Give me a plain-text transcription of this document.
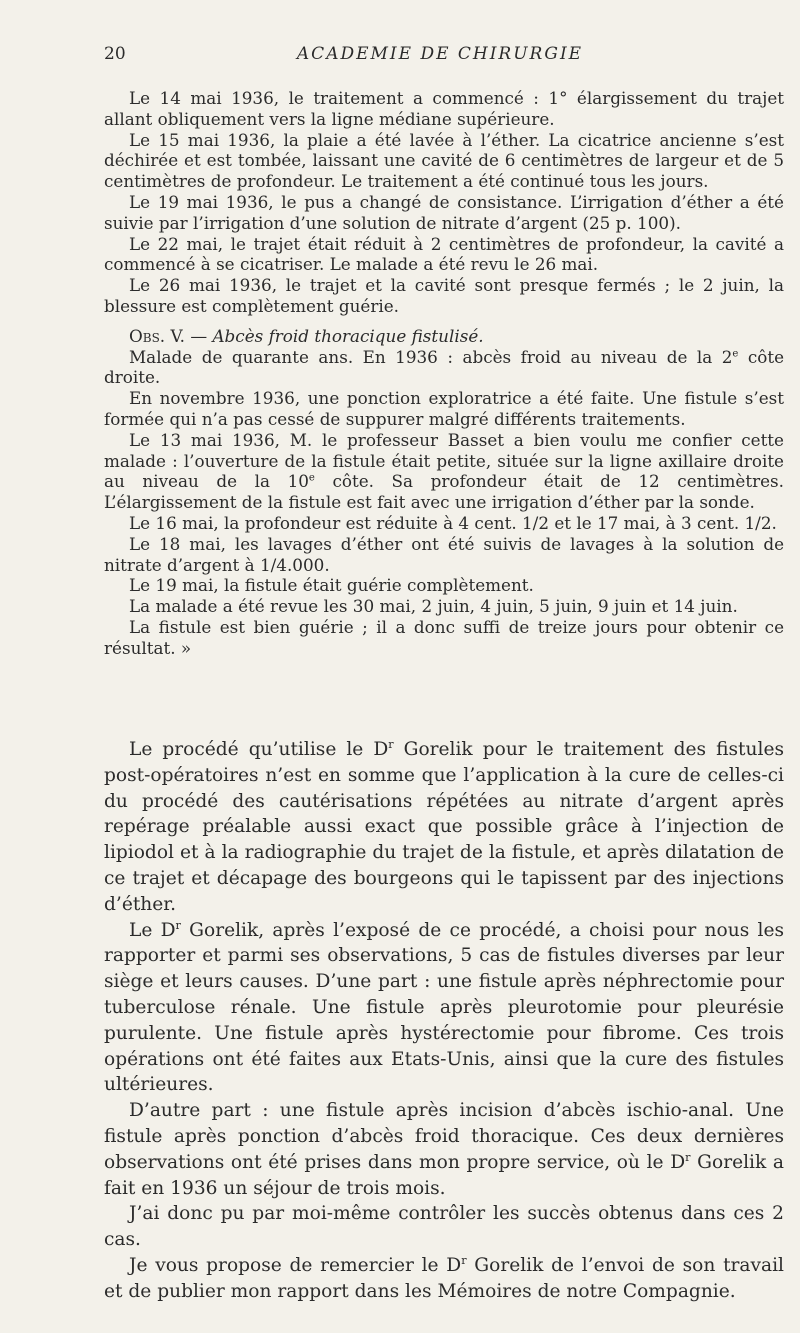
20	ACADEMIE DE CHIRURGIE

Le 14 mai 1936, le traitement a commencé : 1° élargissement du trajet allant obliquement vers la ligne médiane supérieure.

Le 15 mai 1936, la plaie a été lavée à l’éther. La cicatrice ancienne s’est déchirée et est tombée, laissant une cavité de 6 centimètres de largeur et de 5 centimètres de profondeur. Le traitement a été continué tous les jours.

Le 19 mai 1936, le pus a changé de consistance. L’irrigation d’éther a été suivie par l’irrigation d’une solution de nitrate d’argent (25 p. 100).

Le 22 mai, le trajet était réduit à 2 centimètres de profondeur, la cavité a commencé à se cicatriser. Le malade a été revu le 26 mai.

Le 26 mai 1936, le trajet et la cavité sont presque fermés ; le 2 juin, la blessure est complètement guérie.

Obs. V. — Abcès froid thoracique fistulisé.

Malade de quarante ans. En 1936 : abcès froid au niveau de la 2e côte droite.

En novembre 1936, une ponction exploratrice a été faite. Une fistule s’est formée qui n’a pas cessé de suppurer malgré différents traitements.

Le 13 mai 1936, M. le professeur Basset a bien voulu me confier cette malade : l’ouverture de la fistule était petite, située sur la ligne axillaire droite au niveau de la 10e côte. Sa profondeur était de 12 centimètres. L’élargissement de la fistule est fait avec une irrigation d’éther par la sonde.

Le 16 mai, la profondeur est réduite à 4 cent. 1/2 et le 17 mai, à 3 cent. 1/2.

Le 18 mai, les lavages d’éther ont été suivis de lavages à la solution de nitrate d’argent à 1/4.000.

Le 19 mai, la fistule était guérie complètement.

La malade a été revue les 30 mai, 2 juin, 4 juin, 5 juin, 9 juin et 14 juin.

La fistule est bien guérie ; il a donc suffi de treize jours pour obtenir ce résultat. »

Le procédé qu’utilise le $D^r$ Gorelik pour le traitement des fistules post-opératoires n’est en somme que l’application à la cure de celles-ci du procédé des cautérisations répétées au nitrate d’argent après repérage préalable aussi exact que possible grâce à l’injection de lipiodol et à la radiographie du trajet de la fistule, et après dilatation de ce trajet et décapage des bourgeons qui le tapissent par des injections d’éther.

Le $D^r$ Gorelik, après l’exposé de ce procédé, a choisi pour nous les rapporter et parmi ses observations, 5 cas de fistules diverses par leur siège et leurs causes. D’une part : une fistule après néphrectomie pour tuberculose rénale. Une fistule après pleurotomie pour pleurésie purulente. Une fistule après hystérectomie pour fibrome. Ces trois opérations ont été faites aux Etats-Unis, ainsi que la cure des fistules ultérieures.

D’autre part : une fistule après incision d’abcès ischio-anal. Une fistule après ponction d’abcès froid thoracique. Ces deux dernières observations ont été prises dans mon propre service, où le $D^r$ Gorelik a fait en 1936 un séjour de trois mois.

J’ai donc pu par moi-même contrôler les succès obtenus dans ces 2 cas.

Je vous propose de remercier le $D^r$ Gorelik de l’envoi de son travail et de publier mon rapport dans les Mémoires de notre Compagnie.
